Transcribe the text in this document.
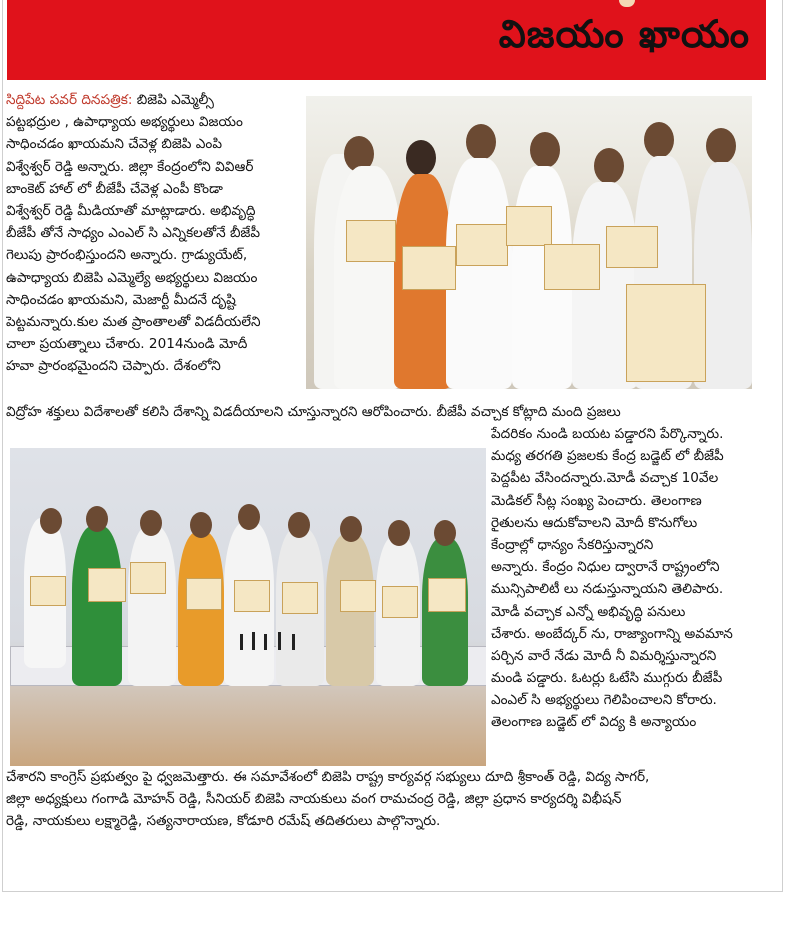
విజయం ఖాయం
సిద్దిపేట పవర్ దినపత్రిక: బిజెపి ఎమ్మెల్సీ
పట్టభద్రుల , ఉపాధ్యాయ అభ్యర్థులు విజయం
సాధించడం ఖాయమని చేవెళ్ల బిజెపి ఎంపి
విశ్వేశ్వర్ రెడ్డి అన్నారు. జిల్లా కేంద్రంలోని వివిఆర్
బాంకెట్ హాల్ లో బీజేపీ చేవెళ్ల ఎంపీ కొండా
విశ్వేశ్వర్ రెడ్డి మీడియాతో మాట్లాడారు. అభివృద్ధి
బీజేపీ తోనే సాధ్యం ఎంఎల్ సి ఎన్నికలతోనే బీజేపీ
గెలుపు ప్రారంభిస్తుందని అన్నారు. గ్రాడ్యుయేట్,
ఉపాధ్యాయ బిజెపి ఎమ్మెల్యే అభ్యర్థులు విజయం
సాధించడం ఖాయమని, మెజార్టీ మీదనే దృష్టి
పెట్టమన్నారు.కుల మత ప్రాంతాలతో విడదీయలేని
చాలా ప్రయత్నాలు చేశారు. 2014నుండి మోదీ
హవా ప్రారంభమైందని చెప్పారు. దేశంలోని
విద్రోహ శక్తులు విదేశాలతో కలిసి దేశాన్ని విడదీయాలని చూస్తున్నారని ఆరోపించారు. బీజేపీ వచ్చాక కోట్లాది మంది ప్రజలు
పేదరికం నుండి బయట పడ్డారని పేర్కొన్నారు.
మధ్య తరగతి ప్రజలకు కేంద్ర బడ్జెట్ లో బీజేపీ
పెద్దపీట వేసిందన్నారు.మోడీ వచ్చాక 10వేల
మెడికల్ సీట్ల సంఖ్య పెంచారు. తెలంగాణ
రైతులను ఆదుకోవాలని మోదీ కొనుగోలు
కేంద్రాల్లో ధాన్యం సేకరిస్తున్నారని
అన్నారు. కేంద్రం నిధుల ద్వారానే రాష్ట్రంలోని
మున్సిపాలిటీ లు నడుస్తున్నాయని తెలిపారు.
మోడీ వచ్చాక ఎన్నో అభివృద్ధి పనులు
చేశారు. అంబేద్కర్ ను, రాజ్యాంగాన్ని అవమాన
పర్చిన వారే నేడు మోదీ నీ విమర్శిస్తున్నారని
మండి పడ్డారు. ఓటర్లు ఓటేసి ముగ్గురు బీజేపీ
ఎంఎల్ సి అభ్యర్థులు గెలిపించాలని కోరారు.
తెలంగాణ బడ్జెట్ లో విద్య కి అన్యాయం
చేశారని కాంగ్రెస్ ప్రభుత్వం పై ధ్వజమెత్తారు. ఈ సమావేశంలో బిజెపి రాష్ట్ర కార్యవర్గ సభ్యులు దూది శ్రీకాంత్ రెడ్డి, విద్య సాగర్,
జిల్లా అధ్యక్షులు గంగాడి మోహన్ రెడ్డి, సీనియర్ బిజెపి నాయకులు వంగ రామచంద్ర రెడ్డి, జిల్లా ప్రధాన కార్యదర్శి విభీషన్
రెడ్డి, నాయకులు లక్ష్మారెడ్డి, సత్యనారాయణ, కోడూరి రమేష్ తదితరులు పాల్గొన్నారు.
